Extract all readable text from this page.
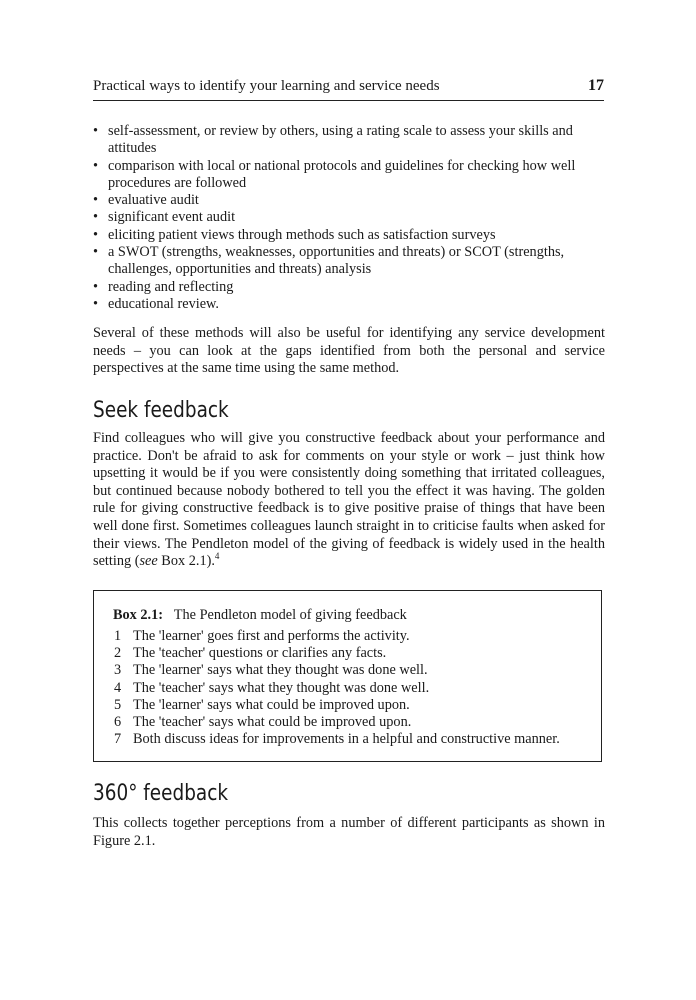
Practical ways to identify your learning and service needs	17
• self-assessment, or review by others, using a rating scale to assess your skills and attitudes
• comparison with local or national protocols and guidelines for checking how well procedures are followed
• evaluative audit
• significant event audit
• eliciting patient views through methods such as satisfaction surveys
• a SWOT (strengths, weaknesses, opportunities and threats) or SCOT (strengths, challenges, opportunities and threats) analysis
• reading and reflecting
• educational review.

Several of these methods will also be useful for identifying any service development needs – you can look at the gaps identified from both the personal and service perspectives at the same time using the same method.

Seek feedback

Find colleagues who will give you constructive feedback about your performance and practice. Don't be afraid to ask for comments on your style or work – just think how upsetting it would be if you were consistently doing something that irritated colleagues, but continued because nobody bothered to tell you the effect it was having. The golden rule for giving constructive feedback is to give positive praise of things that have been well done first. Sometimes colleagues launch straight in to criticise faults when asked for their views. The Pendleton model of the giving of feedback is widely used in the health setting (see Box 2.1).$^4$

Box 2.1: The Pendleton model of giving feedback
1 The 'learner' goes first and performs the activity.
2 The 'teacher' questions or clarifies any facts.
3 The 'learner' says what they thought was done well.
4 The 'teacher' says what they thought was done well.
5 The 'learner' says what could be improved upon.
6 The 'teacher' says what could be improved upon.
7 Both discuss ideas for improvements in a helpful and constructive manner.
360° feedback

This collects together perceptions from a number of different participants as shown in Figure 2.1.
